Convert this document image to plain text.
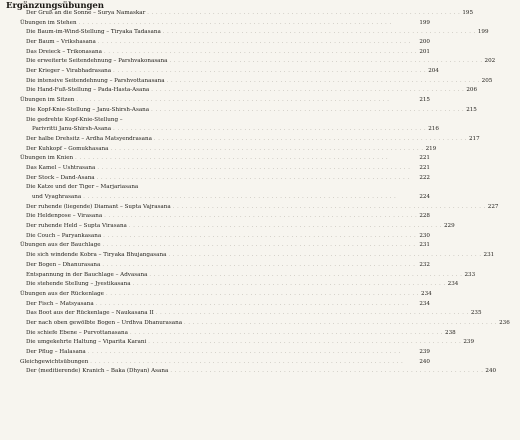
Ergänzungsübungen
Der Gruß an die Sonne – Surya Namaskar . . . . . . . . . . . . . . . . . . . . . . . . . . . . . . . . . . . . . . . . . . . . . . . . . . . . . . . . . . . . . . . . . . . . . . . . 195
Übungen im Stehen . . . . . . . . . . . . . . . . . . . . . . . . . . . . . . . . . . . . . . . . . . . . . . . . . . . . . . . . . . . . . . . . . . . . . . . .	199
Die Baum-im-Wind-Stellung – Tiryaka Tadasana . . . . . . . . . . . . . . . . . . . . . . . . . . . . . . . . . . . . . . . . . . . . . . . . . . . . . . . . . . . . . . . . . . . . . . . . 199
Der Baum – Vrikshasana . . . . . . . . . . . . . . . . . . . . . . . . . . . . . . . . . . . . . . . . . . . . . . . . . . . . . . . . . . . . . . . . . . . . . . . .	200
Das Dreieck – Trikonasana . . . . . . . . . . . . . . . . . . . . . . . . . . . . . . . . . . . . . . . . . . . . . . . . . . . . . . . . . . . . . . . . . . . . . . . . 201
Die erweiterte Seitendehnung – Parshvakonasana . . . . . . . . . . . . . . . . . . . . . . . . . . . . . . . . . . . . . . . . . . . . . . . . . . . . . . . . . . . . . . . . . . . . . . . . 202
Der Krieger – Virabhadrasana . . . . . . . . . . . . . . . . . . . . . . . . . . . . . . . . . . . . . . . . . . . . . . . . . . . . . . . . . . . . . . . . . . . . . . . . 204
Die intensive Seitendehnung – Parshvottanasana . . . . . . . . . . . . . . . . . . . . . . . . . . . . . . . . . . . . . . . . . . . . . . . . . . . . . . . . . . . . . . . . . . . . . . . . 205
Die Hand-Fuß-Stellung – Pada-Hasta-Asana . . . . . . . . . . . . . . . . . . . . . . . . . . . . . . . . . . . . . . . . . . . . . . . . . . . . . . . . . . . . . . . . . . . . . . . . 206
Übungen im Sitzen . . . . . . . . . . . . . . . . . . . . . . . . . . . . . . . . . . . . . . . . . . . . . . . . . . . . . . . . . . . . . . . . . . . . . . . .	215
Die Kopf-Knie-Stellung – Janu-Shirsh-Asana . . . . . . . . . . . . . . . . . . . . . . . . . . . . . . . . . . . . . . . . . . . . . . . . . . . . . . . . . . . . . . . . . . . . . . . . 215
Die gedrehte Kopf-Knie-Stellung –
Parivritti Janu-Shirsh-Asana . . . . . . . . . . . . . . . . . . . . . . . . . . . . . . . . . . . . . . . . . . . . . . . . . . . . . . . . . . . . . . . . . . . . . . . . 216
Der halbe Drehsitz – Ardha Matsyendrasana . . . . . . . . . . . . . . . . . . . . . . . . . . . . . . . . . . . . . . . . . . . . . . . . . . . . . . . . . . . . . . . . . . . . . . . . 217
Der Kuhkopf – Gomukhasana . . . . . . . . . . . . . . . . . . . . . . . . . . . . . . . . . . . . . . . . . . . . . . . . . . . . . . . . . . . . . . . . . . . . . . . . 219
Übungen im Knien . . . . . . . . . . . . . . . . . . . . . . . . . . . . . . . . . . . . . . . . . . . . . . . . . . . . . . . . . . . . . . . . . . . . . . . .	221
Das Kamel – Ushtrasana . . . . . . . . . . . . . . . . . . . . . . . . . . . . . . . . . . . . . . . . . . . . . . . . . . . . . . . . . . . . . . . . . . . . . . . .	221
Der Stock – Dand-Asana . . . . . . . . . . . . . . . . . . . . . . . . . . . . . . . . . . . . . . . . . . . . . . . . . . . . . . . . . . . . . . . . . . . . . . . .	222
Die Katze und der Tiger – Marjariasana
und Vyaghrasana . . . . . . . . . . . . . . . . . . . . . . . . . . . . . . . . . . . . . . . . . . . . . . . . . . . . . . . . . . . . . . . . . . . . . . . .	224
Der ruhende (liegende) Diamant – Supta Vajrasana . . . . . . . . . . . . . . . . . . . . . . . . . . . . . . . . . . . . . . . . . . . . . . . . . . . . . . . . . . . . . . . . . . . . . . . . 227
Die Heldenpose – Virasana . . . . . . . . . . . . . . . . . . . . . . . . . . . . . . . . . . . . . . . . . . . . . . . . . . . . . . . . . . . . . . . . . . . . . . . . 228
Der ruhende Held – Supta Virasana . . . . . . . . . . . . . . . . . . . . . . . . . . . . . . . . . . . . . . . . . . . . . . . . . . . . . . . . . . . . . . . . . . . . . . . . 229
Die Couch – Paryankasana . . . . . . . . . . . . . . . . . . . . . . . . . . . . . . . . . . . . . . . . . . . . . . . . . . . . . . . . . . . . . . . . . . . . . . . . 230
Übungen aus der Bauchlage . . . . . . . . . . . . . . . . . . . . . . . . . . . . . . . . . . . . . . . . . . . . . . . . . . . . . . . . . . . . . . . . . . . . . . . . 231
Die sich windende Kobra – Tiryaka Bhujangasana . . . . . . . . . . . . . . . . . . . . . . . . . . . . . . . . . . . . . . . . . . . . . . . . . . . . . . . . . . . . . . . . . . . . . . . . 231
Der Bogen – Dhanurasana . . . . . . . . . . . . . . . . . . . . . . . . . . . . . . . . . . . . . . . . . . . . . . . . . . . . . . . . . . . . . . . . . . . . . . . . 232
Entspannung in der Bauchlage – Advasana . . . . . . . . . . . . . . . . . . . . . . . . . . . . . . . . . . . . . . . . . . . . . . . . . . . . . . . . . . . . . . . . . . . . . . . . 233
Die stehende Stellung – Jyestikasana . . . . . . . . . . . . . . . . . . . . . . . . . . . . . . . . . . . . . . . . . . . . . . . . . . . . . . . . . . . . . . . . . . . . . . . . 234
Übungen aus der Rückenlage . . . . . . . . . . . . . . . . . . . . . . . . . . . . . . . . . . . . . . . . . . . . . . . . . . . . . . . . . . . . . . . . . . . . . . . . 234
Der Fisch – Matsyasana . . . . . . . . . . . . . . . . . . . . . . . . . . . . . . . . . . . . . . . . . . . . . . . . . . . . . . . . . . . . . . . . . . . . . . . .	234
Das Boot aus der Rückenlage – Naukasana II . . . . . . . . . . . . . . . . . . . . . . . . . . . . . . . . . . . . . . . . . . . . . . . . . . . . . . . . . . . . . . . . . . . . . . . . 235
Der nach oben gewölbte Bogen – Urdhva Dhanurasana . . . . . . . . . . . . . . . . . . . . . . . . . . . . . . . . . . . . . . . . . . . . . . . . . . . . . . . . . . . . . . . . . . . . . . . . 236
Die schiefe Ebene – Purvottanasana . . . . . . . . . . . . . . . . . . . . . . . . . . . . . . . . . . . . . . . . . . . . . . . . . . . . . . . . . . . . . . . . . . . . . . . . 238
Die umgekehrte Haltung – Viparita Karani . . . . . . . . . . . . . . . . . . . . . . . . . . . . . . . . . . . . . . . . . . . . . . . . . . . . . . . . . . . . . . . . . . . . . . . . 239
Der Pflug – Halasana . . . . . . . . . . . . . . . . . . . . . . . . . . . . . . . . . . . . . . . . . . . . . . . . . . . . . . . . . . . . . . . . . . . . . . . .	239
Gleichgewichtsübungen . . . . . . . . . . . . . . . . . . . . . . . . . . . . . . . . . . . . . . . . . . . . . . . . . . . . . . . . . . . . . . . . . . . . . . . .	240
Der (meditierende) Kranich – Baka (Dhyan) Asana . . . . . . . . . . . . . . . . . . . . . . . . . . . . . . . . . . . . . . . . . . . . . . . . . . . . . . . . . . . . . . . . . . . . . . . . 240
